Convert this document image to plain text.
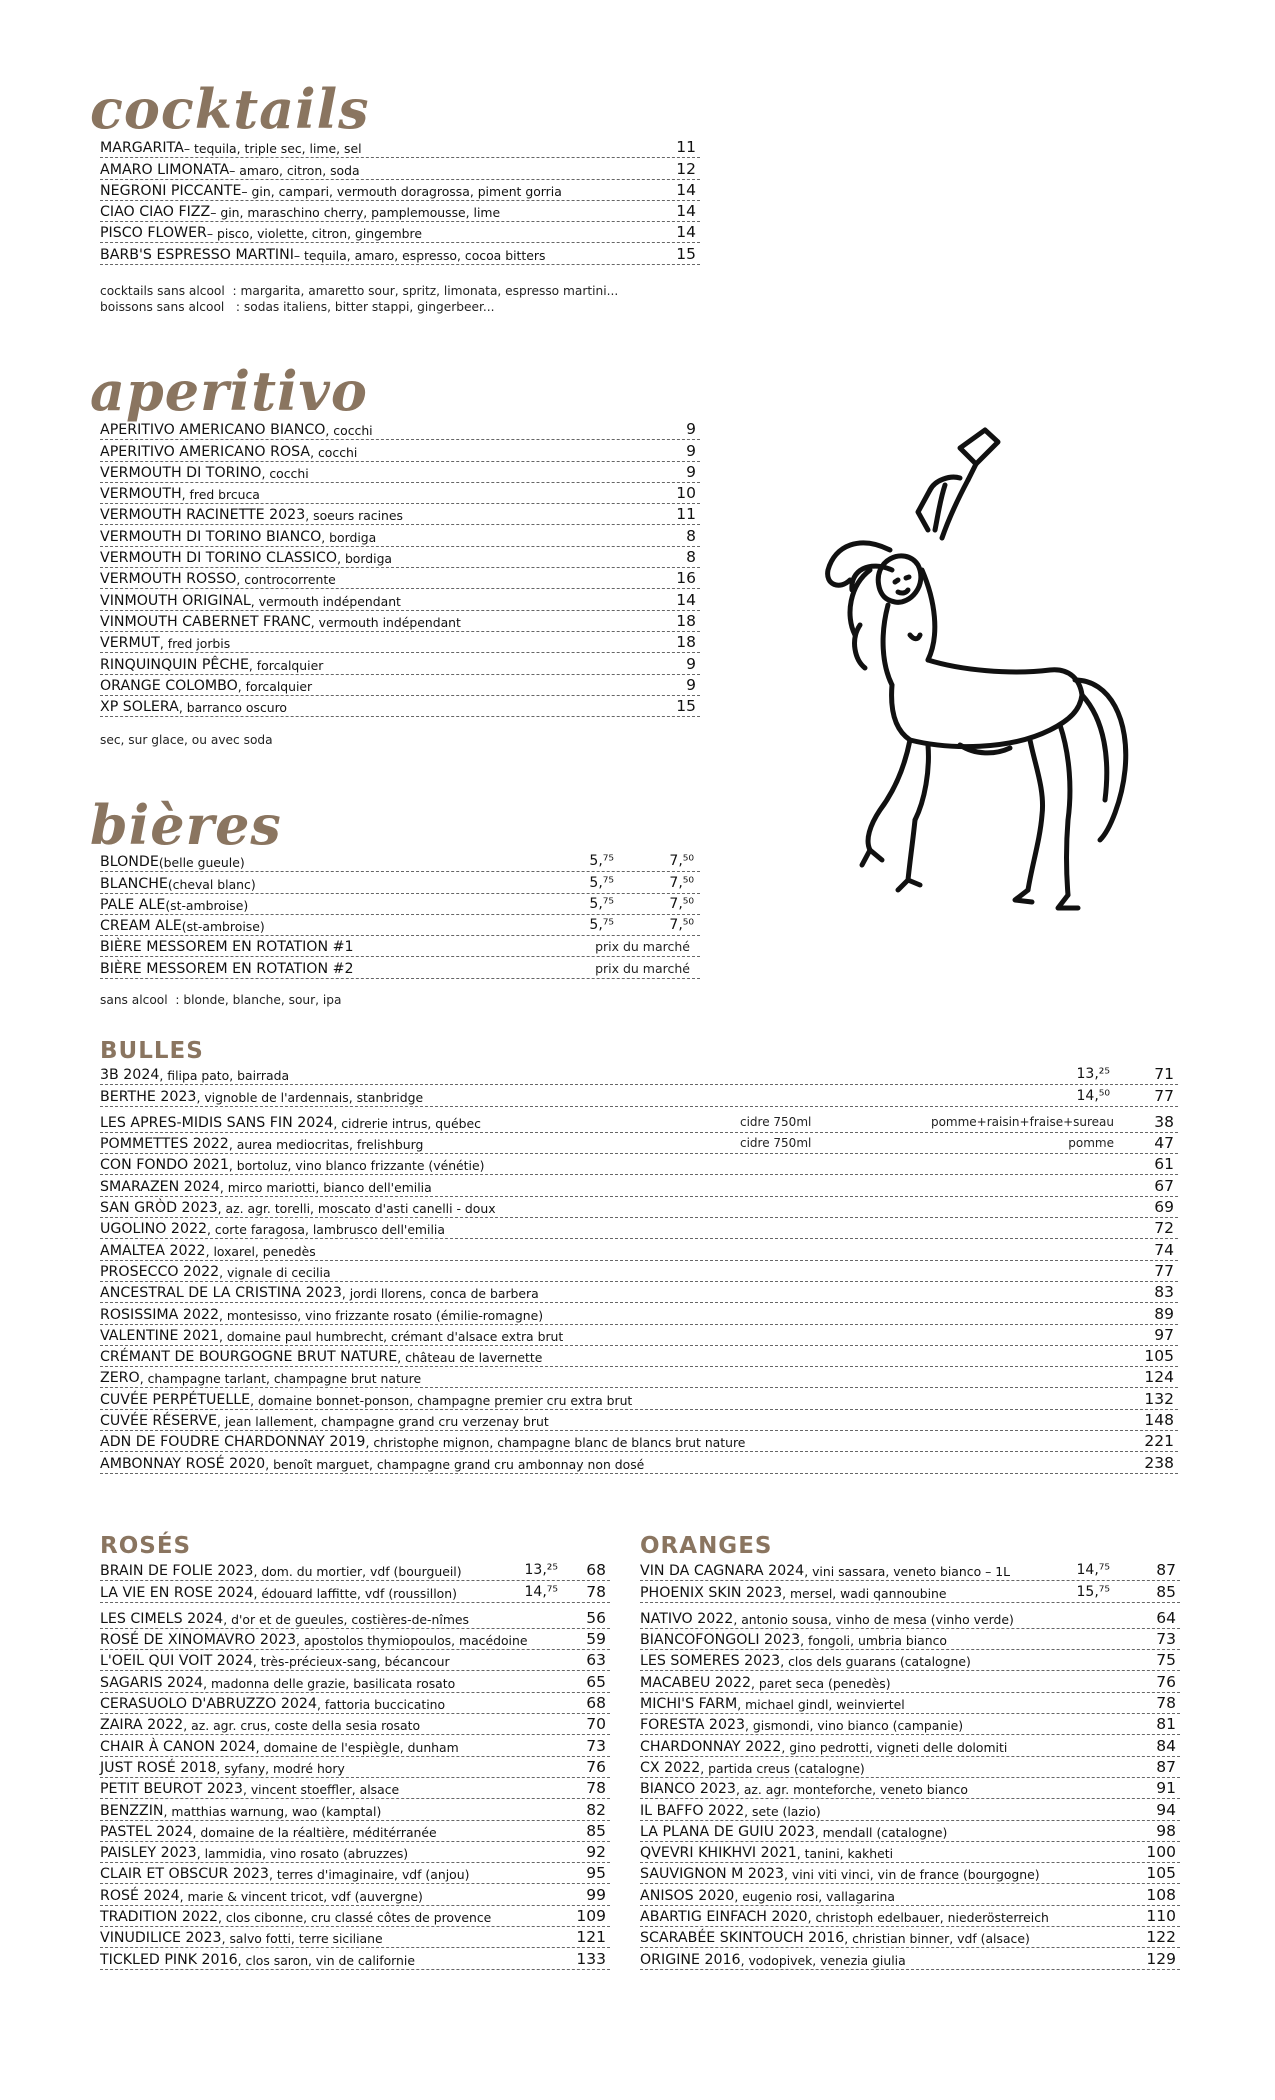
cocktails
MARGARITA – tequila, triple sec, lime, sel	11
AMARO LIMONATA – amaro, citron, soda	12
NEGRONI PICCANTE – gin, campari, vermouth doragrossa, piment gorria	14
CIAO CIAO FIZZ – gin, maraschino cherry, pamplemousse, lime	14
PISCO FLOWER – pisco, violette, citron, gingembre	14
BARB'S ESPRESSO MARTINI – tequila, amaro, espresso, cocoa bitters	15
cocktails sans alcool  : margarita, amaretto sour, spritz, limonata, espresso martini...
boissons sans alcool   : sodas italiens, bitter stappi, gingerbeer...
aperitivo
APERITIVO AMERICANO BIANCO , cocchi	9
APERITIVO AMERICANO ROSA , cocchi	9
VERMOUTH DI TORINO , cocchi	9
VERMOUTH , fred brcuca	10
VERMOUTH RACINETTE 2023 , soeurs racines	11
VERMOUTH DI TORINO BIANCO , bordiga	8
VERMOUTH DI TORINO CLASSICO , bordiga	8
VERMOUTH ROSSO , controcorrente	16
VINMOUTH ORIGINAL , vermouth indépendant	14
VINMOUTH CABERNET FRANC , vermouth indépendant	18
VERMUT , fred jorbis	18
RINQUINQUIN PÊCHE , forcalquier	9
ORANGE COLOMBO , forcalquier	9
XP SOLERA , barranco oscuro	15
sec, sur glace, ou avec soda
bières
BLONDE (belle gueule)	5,⁷⁵	7,⁵⁰
BLANCHE (cheval blanc)	5,⁷⁵	7,⁵⁰
PALE ALE (st-ambroise)	5,⁷⁵	7,⁵⁰
CREAM ALE (st-ambroise)	5,⁷⁵	7,⁵⁰
BIÈRE MESSOREM EN ROTATION #1	prix du marché
BIÈRE MESSOREM EN ROTATION #2	prix du marché
sans alcool  : blonde, blanche, sour, ipa
BULLES
3B 2024 , filipa pato, bairrada	13,²⁵	71
BERTHE 2023 , vignoble de l'ardennais, stanbridge	14,⁵⁰	77
LES APRES-MIDIS SANS FIN 2024 , cidrerie intrus, québec	cidre 750ml	pomme+raisin+fraise+sureau	38
POMMETTES 2022 , aurea mediocritas, frelishburg	cidre 750ml	pomme	47
CON FONDO 2021 , bortoluz, vino blanco frizzante (vénétie)	61
SMARAZEN 2024 , mirco mariotti, bianco dell'emilia	67
SAN GRÒD 2023 , az. agr. torelli, moscato d'asti canelli - doux	69
UGOLINO 2022 , corte faragosa, lambrusco dell'emilia	72
AMALTEA 2022 , loxarel, penedès	74
PROSECCO 2022 , vignale di cecilia	77
ANCESTRAL DE LA CRISTINA 2023 , jordi llorens, conca de barbera	83
ROSISSIMA 2022 , montesisso, vino frizzante rosato (émilie-romagne)	89
VALENTINE 2021 , domaine paul humbrecht, crémant d'alsace extra brut	97
CRÉMANT DE BOURGOGNE BRUT NATURE , château de lavernette	105
ZERO , champagne tarlant, champagne brut nature	124
CUVÉE PERPÉTUELLE , domaine bonnet-ponson, champagne premier cru extra brut	132
CUVÉE RÉSERVE , jean lallement, champagne grand cru verzenay brut	148
ADN DE FOUDRE CHARDONNAY 2019 , christophe mignon, champagne blanc de blancs brut nature	221
AMBONNAY ROSÉ 2020 , benoît marguet, champagne grand cru ambonnay non dosé	238
ROSÉS
BRAIN DE FOLIE 2023 , dom. du mortier, vdf (bourgueil)	13,²⁵ 68
LA VIE EN ROSE 2024 , édouard laffitte, vdf (roussillon)	14,⁷⁵ 78
LES CIMELS 2024 , d'or et de gueules, costières-de-nîmes	56
ROSÉ DE XINOMAVRO 2023 , apostolos thymiopoulos, macédoine	59
L'OEIL QUI VOIT 2024 , très-précieux-sang, bécancour	63
SAGARIS 2024 , madonna delle grazie, basilicata rosato	65
CERASUOLO D'ABRUZZO 2024 , fattoria buccicatino	68
ZAIRA 2022 , az. agr. crus, coste della sesia rosato	70
CHAIR À CANON 2024 , domaine de l'espiègle, dunham	73
JUST ROSÉ 2018 , syfany, modré hory	76
PETIT BEUROT 2023 , vincent stoeffler, alsace	78
BENZZIN , matthias warnung, wao (kamptal)	82
PASTEL 2024 , domaine de la réaltière, méditérranée	85
PAISLEY 2023 , lammidia, vino rosato (abruzzes)	92
CLAIR ET OBSCUR 2023 , terres d'imaginaire, vdf (anjou)	95
ROSÉ 2024 , marie & vincent tricot, vdf (auvergne)	99
TRADITION 2022 , clos cibonne, cru classé côtes de provence	109
VINUDILICE 2023 , salvo fotti, terre siciliane	121
TICKLED PINK 2016 , clos saron, vin de californie	133
ORANGES
VIN DA CAGNARA 2024 , vini sassara, veneto bianco – 1L	14,⁷⁵	87
PHOENIX SKIN 2023 , mersel, wadi qannoubine	15,⁷⁵	85
NATIVO 2022 , antonio sousa, vinho de mesa (vinho verde)	64
BIANCOFONGOLI 2023 , fongoli, umbria bianco	73
LES SOMERES 2023 , clos dels guarans (catalogne)	75
MACABEU 2022 , paret seca (penedès)	76
MICHI'S FARM , michael gindl, weinviertel	78
FORESTA 2023 , gismondi, vino bianco (campanie)	81
CHARDONNAY 2022 , gino pedrotti, vigneti delle dolomiti	84
CX 2022 , partida creus (catalogne)	87
BIANCO 2023 , az. agr. monteforche, veneto bianco	91
IL BAFFO 2022 , sete (lazio)	94
LA PLANA DE GUIU 2023 , mendall (catalogne)	98
QVEVRI KHIKHVI 2021 , tanini, kakheti	100
SAUVIGNON M 2023 , vini viti vinci, vin de france (bourgogne)	105
ANISOS 2020 , eugenio rosi, vallagarina	108
ABARTIG EINFACH 2020 , christoph edelbauer, niederösterreich	110
SCARABÉE SKINTOUCH 2016 , christian binner, vdf (alsace)	122
ORIGINE 2016 , vodopivek, venezia giulia	129
